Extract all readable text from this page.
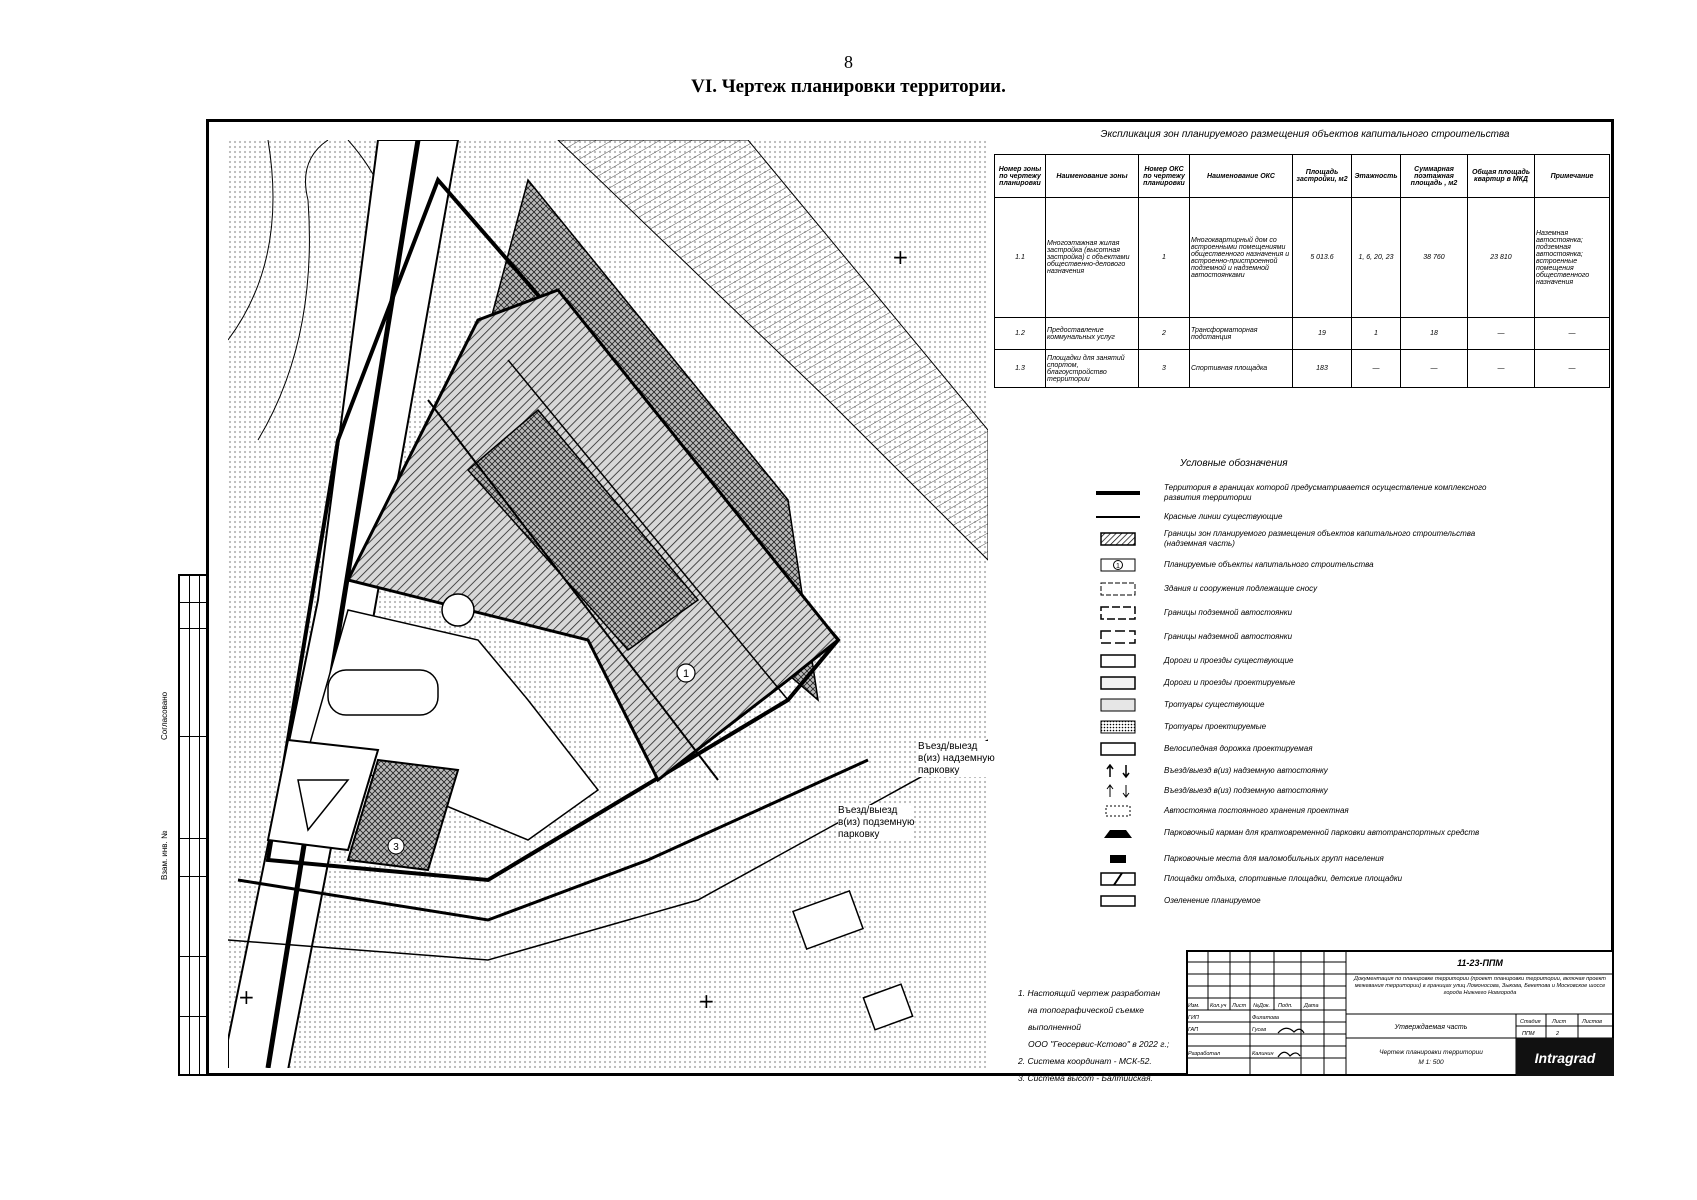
8
VI. Чертеж планировки территории.
Согласовано
Взам. инв. №	3
1
+
+	+
Въезд/выезд
в(из) надземную
парковку
Въезд/выезд
в(из) подземную
парковку
Экспликация зон планируемого размещения объектов капитального строительства
Номер зоны по чертежу планировки	Наименование зоны	Номер ОКС по чертежу планировки	Наименование ОКС	Площадь застройки, м2	Этажность	Суммарная поэтажная площадь , м2	Общая площадь квартир в МКД	Примечание
1.1	Многоэтажная жилая застройка (высотная застройка) с объектами общественно-делового назначения	1	Многоквартирный дом со встроенными помещениями общественного назначения и встроенно-пристроенной подземной и надземной автостоянками	5 013.6	1, 6, 20, 23	38 760	23 810	Наземная автостоянка; подземная автостоянка; встроенные помещения общественного назначения
1.2	Предоставление коммунальных услуг	2	Трансформаторная подстанция	19	1	18	—	—
1.3	Площадки для занятий спортом, благоустройство территории	3	Спортивная площадка	183	—	—	—	—
Условные обозначения
Территория в границах которой предусматривается осуществление комплексного развития территории
Красные линии существующие
Границы зон планируемого размещения объектов капитального строительства (надземная часть)
1	Планируемые объекты капитального строительства
Здания и сооружения подлежащие сносу
Границы подземной автостоянки
Границы надземной автостоянки
Дороги и проезды существующие
Дороги и проезды проектируемые
Тротуары существующие
Тротуары проектируемые
Велосипедная дорожка проектируемая
Въезд/выезд в(из) надземную автостоянку
Въезд/выезд в(из) подземную автостоянку
Автостоянка постоянного хранения проектная
Парковочный карман для кратковременной парковки автотранспортных средств
Парковочные места для маломобильных групп населения
Площадки отдыха, спортивные площадки, детские площадки
Озеленение планируемое
1. Настоящий чертеж разработан
на топографической съемке
выполненной
ООО "Геосервис-Кстово" в 2022 г.;
2. Система координат - МСК-52.
3. Система высот - Балтийская.
Изм. Кол.уч Лист №Док. Подп. Дата
ГИП
ГАП
Разработал
Филатова
Гусев
Калинин
Стадия Лист	Листов
ППМ	2
11-23-ППМ
Документация по планировке территории (проект планировки территории, включая проект межевания территории) в границах улиц Ломоносова, Зыкова, Бекетова и Московское шоссе города Нижнего Новгорода
Утверждаемая часть
Чертеж планировки территории
М 1: 500	Intragrad
